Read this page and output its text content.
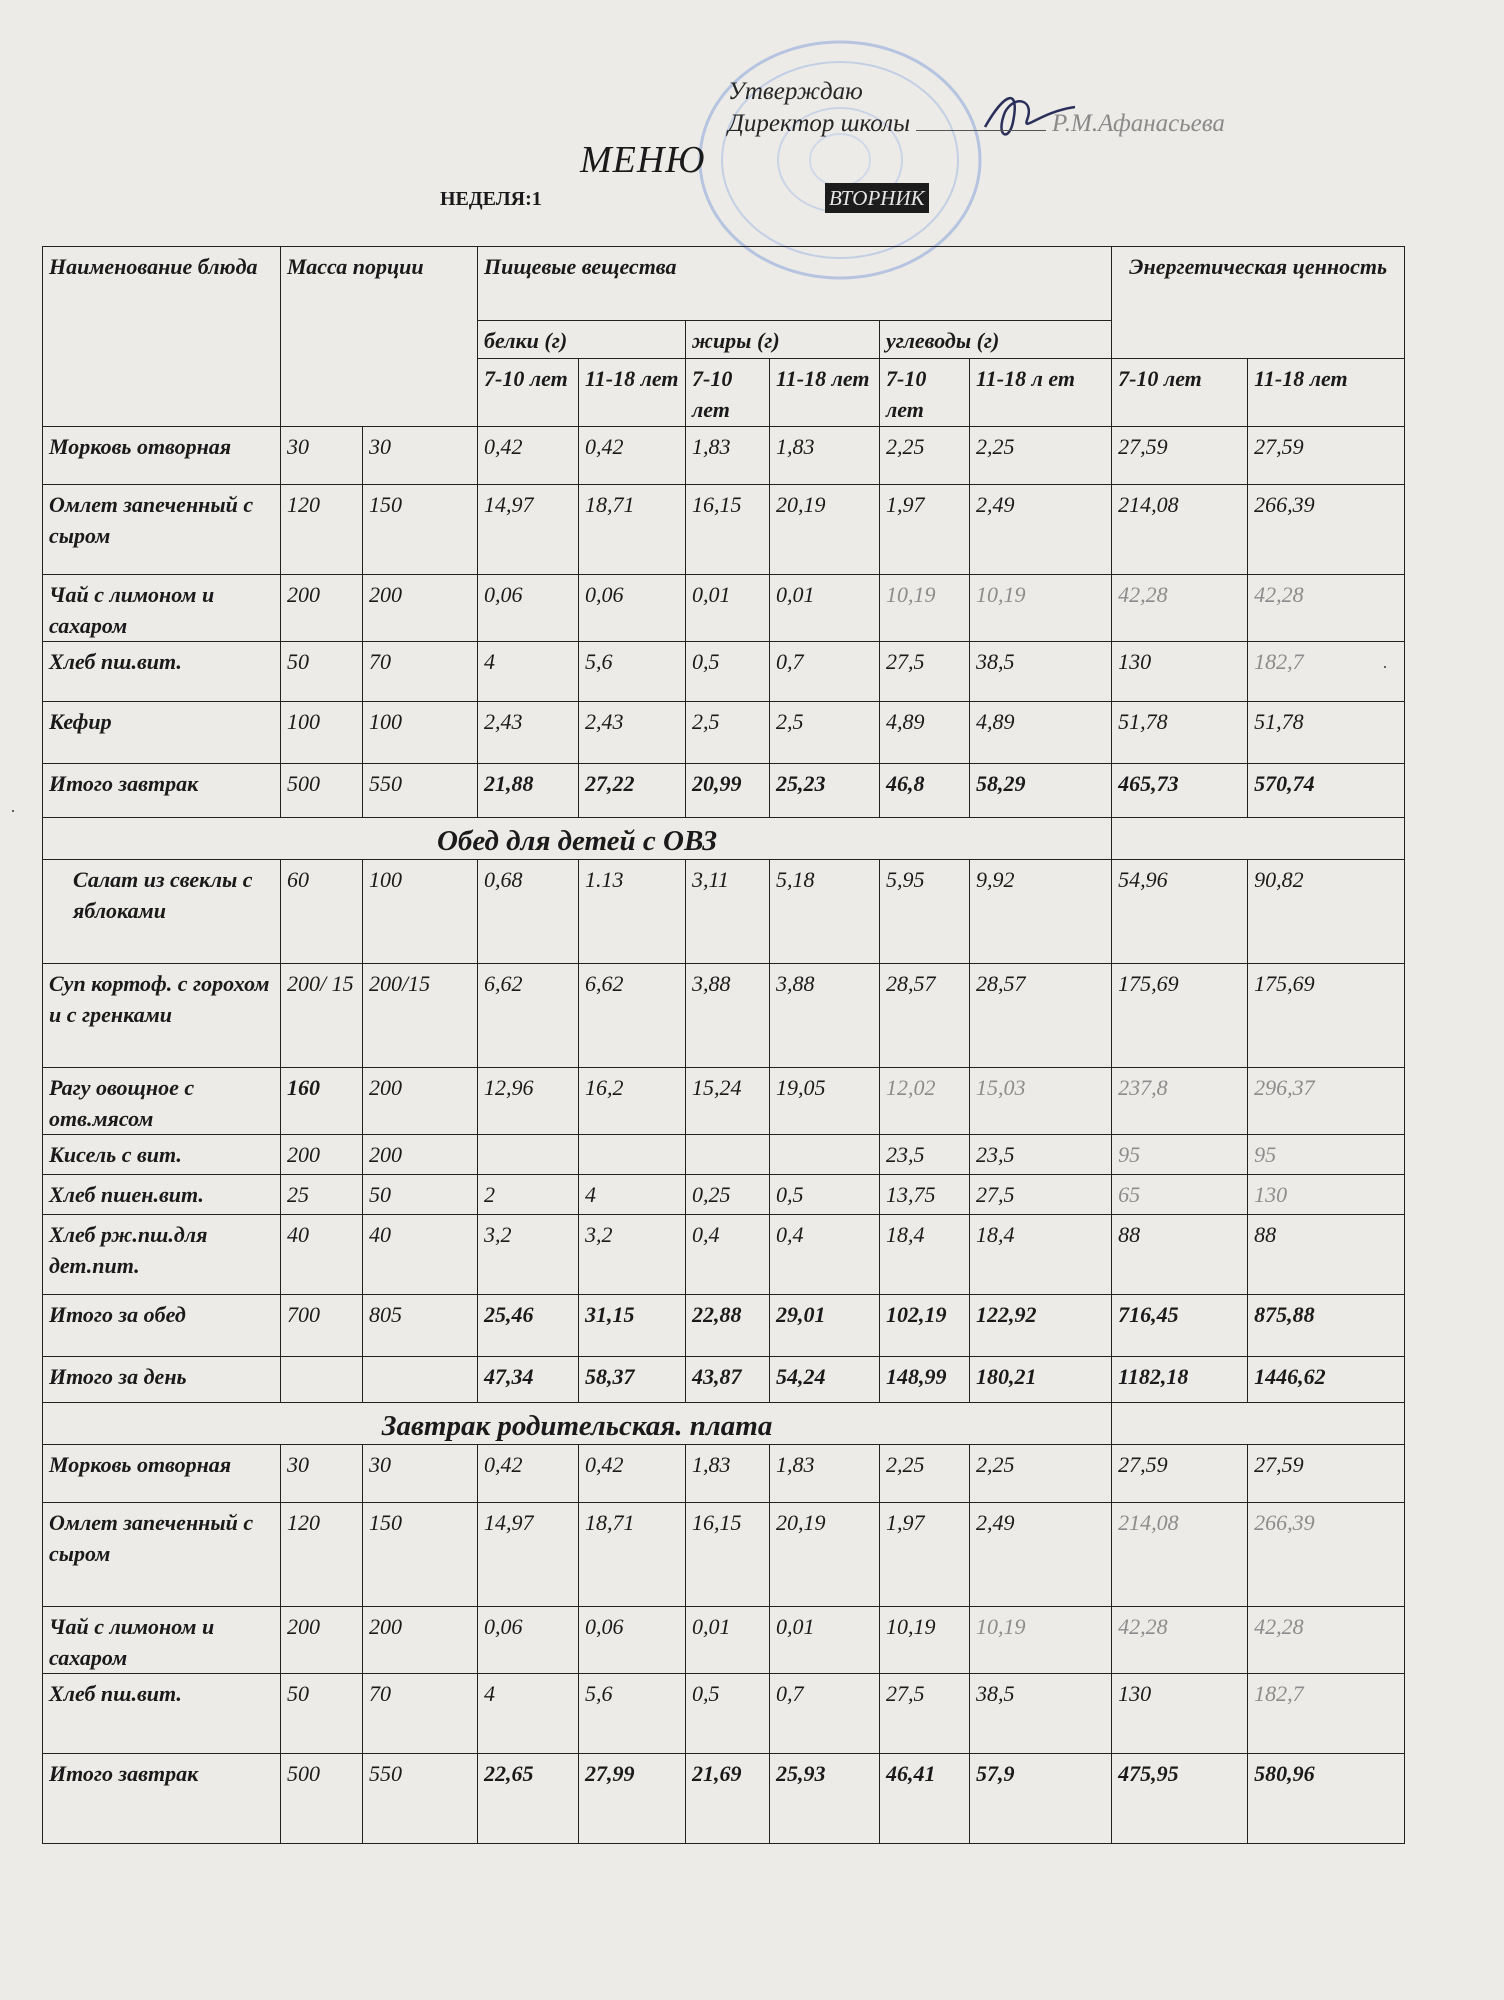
Утверждаю
Директор школы	Р.М.Афанасьева
МЕНЮ
НЕДЕЛЯ:1	ВТОРНИК
Наименование блюда	Масса порции		Пищевые вещества						Энергетическая ценность	
			белки (г)		жиры (г)		углеводы (г)			
			7-10 лет	11-18 лет	7-10 лет	11-18 лет	7-10 лет	11-18 л ет	7-10 лет	11-18 лет
Морковь отворная	30	30	0,42	0,42	1,83	1,83	2,25	2,25	27,59	27,59
Омлет запеченный с сыром	120	150	14,97	18,71	16,15	20,19	1,97	2,49	214,08	266,39
Чай с лимоном и сахаром	200	200	0,06	0,06	0,01	0,01	10,19	10,19	42,28	42,28
Хлеб пш.вит.	50	70	4	5,6	0,5	0,7	27,5	38,5	130	182,7
Кефир	100	100	2,43	2,43	2,5	2,5	4,89	4,89	51,78	51,78
Итого завтрак	500	550	21,88	27,22	20,99	25,23	46,8	58,29	465,73	570,74
Обед для детей с ОВЗ										
Салат из свеклы с яблоками	60	100	0,68	1.13	3,11	5,18	5,95	9,92	54,96	90,82
Суп кортоф. с горохом и с гренками	200/ 15	200/15	6,62	6,62	3,88	3,88	28,57	28,57	175,69	175,69
Рагу овощное с отв.мясом	160	200	12,96	16,2	15,24	19,05	12,02	15,03	237,8	296,37
Кисель с вит.	200	200					23,5	23,5	95	95
Хлеб пшен.вит.	25	50	2	4	0,25	0,5	13,75	27,5	65	130
Хлеб рж.пш.для дет.пит.	40	40	3,2	3,2	0,4	0,4	18,4	18,4	88	88
Итого за обед	700	805	25,46	31,15	22,88	29,01	102,19	122,92	716,45	875,88
Итого за день			47,34	58,37	43,87	54,24	148,99	180,21	1182,18	1446,62
Завтрак родительская. плата										
Морковь отворная	30	30	0,42	0,42	1,83	1,83	2,25	2,25	27,59	27,59
Омлет запеченный с сыром	120	150	14,97	18,71	16,15	20,19	1,97	2,49	214,08	266,39
Чай с лимоном и сахаром	200	200	0,06	0,06	0,01	0,01	10,19	10,19	42,28	42,28
Хлеб пш.вит.	50	70	4	5,6	0,5	0,7	27,5	38,5	130	182,7
Итого завтрак	500	550	22,65	27,99	21,69	25,93	46,41	57,9	475,95	580,96
